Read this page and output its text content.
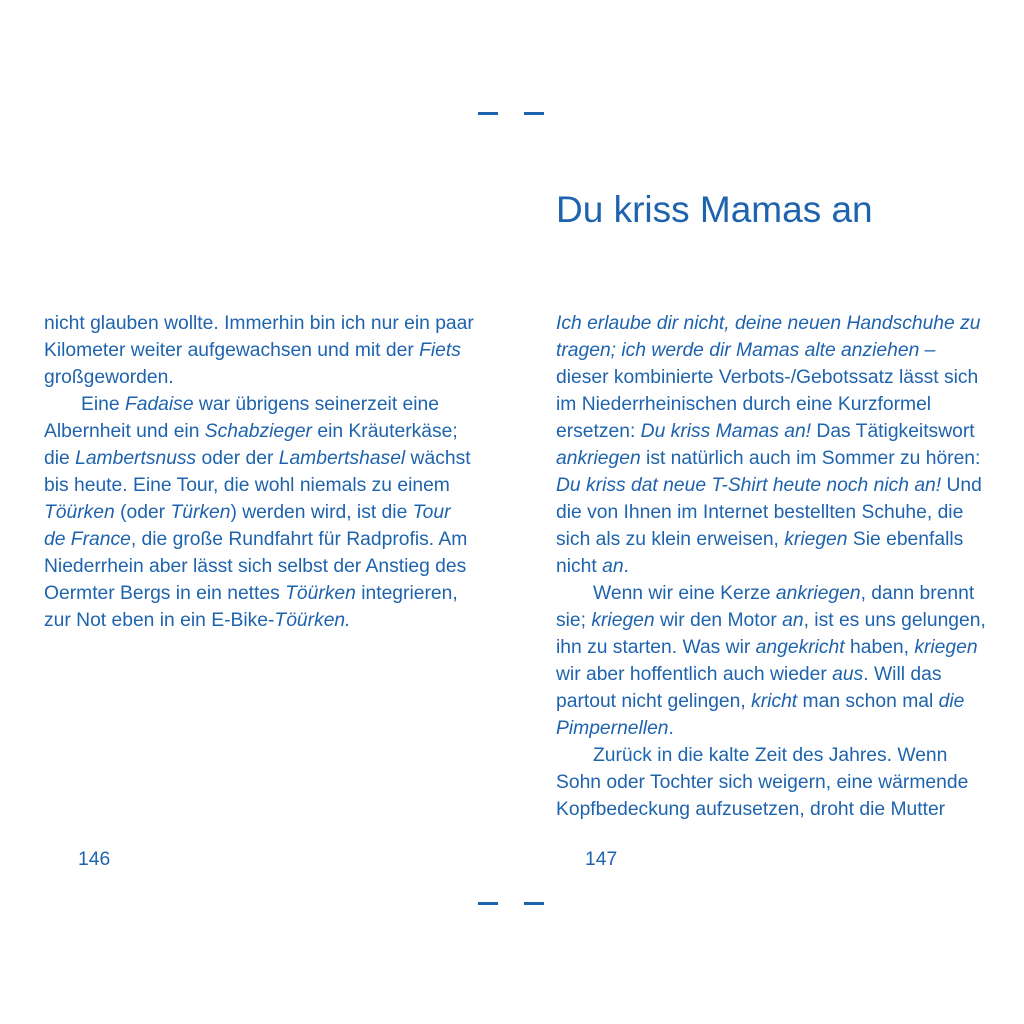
Du kriss Mamas an

nicht glauben wollte. Immerhin bin ich nur ein paar Kilometer weiter aufgewachsen und mit der Fiets großgeworden.

Eine Fadaise war übrigens seinerzeit eine Albernheit und ein Schabzieger ein Kräuterkäse; die Lambertsnuss oder der Lambertshasel wächst bis heute. Eine Tour, die wohl niemals zu einem Töürken (oder Türken) werden wird, ist die Tour de France, die große Rundfahrt für Radprofis. Am Niederrhein aber lässt sich selbst der Anstieg des Oermter Bergs in ein nettes Töürken integrieren, zur Not eben in ein E-Bike-Töürken.

Ich erlaube dir nicht, deine neuen Handschuhe zu tragen; ich werde dir Mamas alte anziehen – dieser kombinierte Verbots-/Gebotssatz lässt sich im Niederrheinischen durch eine Kurzformel ersetzen: Du kriss Mamas an! Das Tätigkeitswort ankriegen ist natürlich auch im Sommer zu hören: Du kriss dat neue T-Shirt heute noch nich an! Und die von Ihnen im Internet bestellten Schuhe, die sich als zu klein erweisen, kriegen Sie ebenfalls nicht an.

Wenn wir eine Kerze ankriegen, dann brennt sie; kriegen wir den Motor an, ist es uns gelungen, ihn zu starten. Was wir angekricht haben, kriegen wir aber hoffentlich auch wieder aus. Will das partout nicht gelingen, kricht man schon mal die Pimpernellen.

Zurück in die kalte Zeit des Jahres. Wenn Sohn oder Tochter sich weigern, eine wärmende Kopfbedeckung aufzusetzen, droht die Mutter

146	147
